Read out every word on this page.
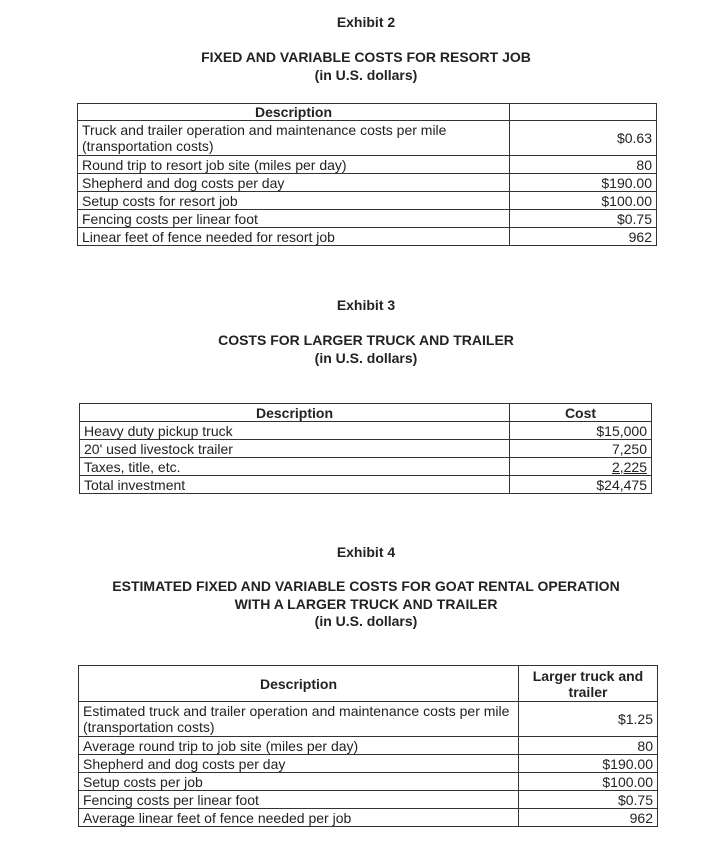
Exhibit 2
FIXED AND VARIABLE COSTS FOR RESORT JOB
(in U.S. dollars)
Description	
Truck and trailer operation and maintenance costs per mile (transportation costs)	$0.63
Round trip to resort job site (miles per day)	80
Shepherd and dog costs per day	$190.00
Setup costs for resort job	$100.00
Fencing costs per linear foot	$0.75
Linear feet of fence needed for resort job	962
Exhibit 3
COSTS FOR LARGER TRUCK AND TRAILER
(in U.S. dollars)
Description	Cost
Heavy duty pickup truck	$15,000
20' used livestock trailer	7,250
Taxes, title, etc.	2,225
Total investment	$24,475
Exhibit 4
ESTIMATED FIXED AND VARIABLE COSTS FOR GOAT RENTAL OPERATION
WITH A LARGER TRUCK AND TRAILER
(in U.S. dollars)
Description	Larger truck and trailer
Estimated truck and trailer operation and maintenance costs per mile (transportation costs)	$1.25
Average round trip to job site (miles per day)	80
Shepherd and dog costs per day	$190.00
Setup costs per job	$100.00
Fencing costs per linear foot	$0.75
Average linear feet of fence needed per job	962
